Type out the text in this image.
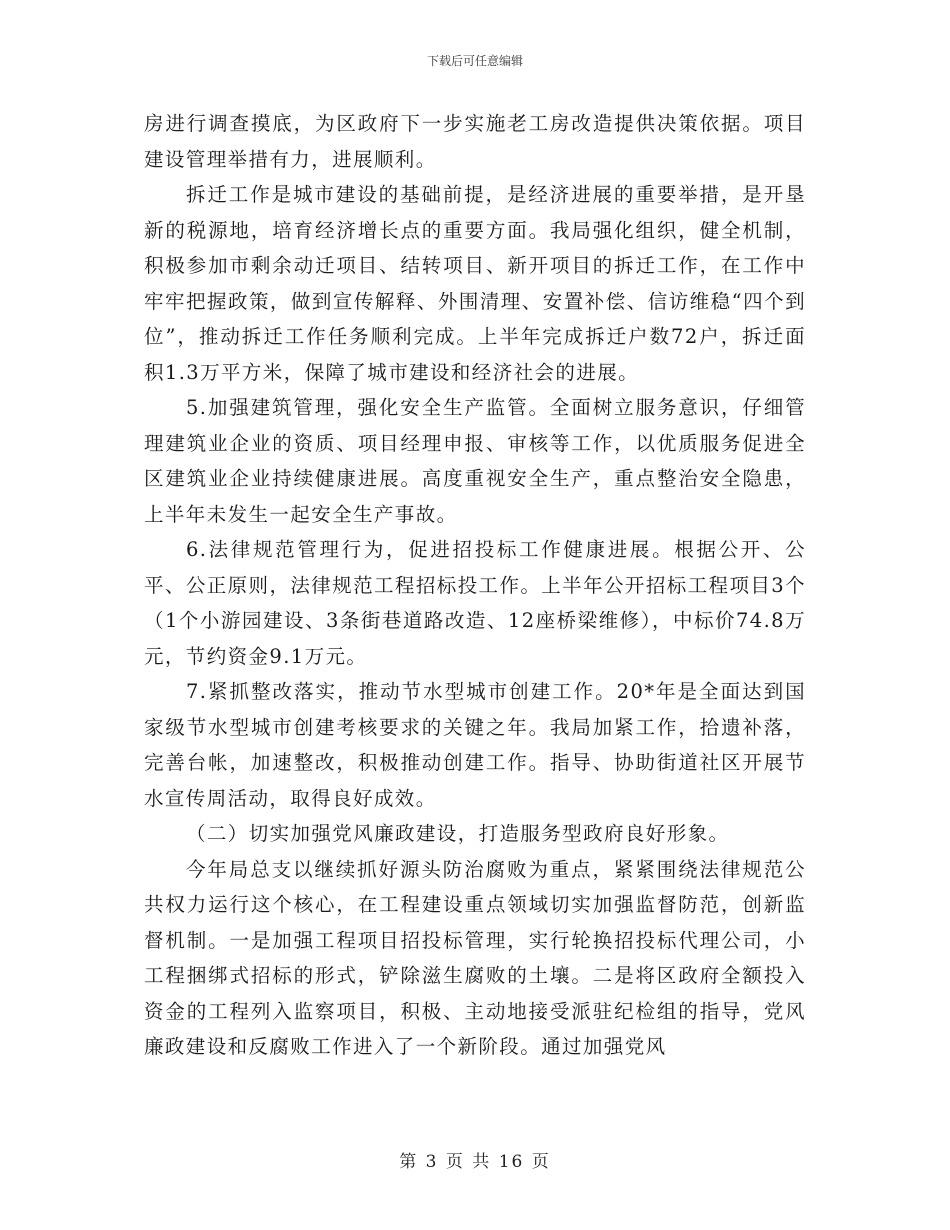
下载后可任意编辑

房进行调查摸底，为区政府下一步实施老工房改造提供决策依据。项目建设管理举措有力，进展顺利。

拆迁工作是城市建设的基础前提，是经济进展的重要举措，是开垦新的税源地，培育经济增长点的重要方面。我局强化组织，健全机制，积极参加市剩余动迁项目、结转项目、新开项目的拆迁工作，在工作中牢牢把握政策，做到宣传解释、外围清理、安置补偿、信访维稳“四个到位”，推动拆迁工作任务顺利完成。上半年完成拆迁户数72户，拆迁面积1.3万平方米，保障了城市建设和经济社会的进展。

5.加强建筑管理，强化安全生产监管。全面树立服务意识，仔细管理建筑业企业的资质、项目经理申报、审核等工作，以优质服务促进全区建筑业企业持续健康进展。高度重视安全生产，重点整治安全隐患，上半年未发生一起安全生产事故。

6.法律规范管理行为，促进招投标工作健康进展。根据公开、公平、公正原则，法律规范工程招标投工作。上半年公开招标工程项目3个（1个小游园建设、3条街巷道路改造、12座桥梁维修），中标价74.8万元，节约资金9.1万元。

7.紧抓整改落实，推动节水型城市创建工作。20*年是全面达到国家级节水型城市创建考核要求的关键之年。我局加紧工作，拾遗补落，完善台帐，加速整改，积极推动创建工作。指导、协助街道社区开展节水宣传周活动，取得良好成效。

（二）切实加强党风廉政建设，打造服务型政府良好形象。

今年局总支以继续抓好源头防治腐败为重点，紧紧围绕法律规范公共权力运行这个核心，在工程建设重点领域切实加强监督防范，创新监督机制。一是加强工程项目招投标管理，实行轮换招投标代理公司，小工程捆绑式招标的形式，铲除滋生腐败的土壤。二是将区政府全额投入资金的工程列入监察项目，积极、主动地接受派驻纪检组的指导，党风廉政建设和反腐败工作进入了一个新阶段。通过加强党风

第 3 页 共 16 页
